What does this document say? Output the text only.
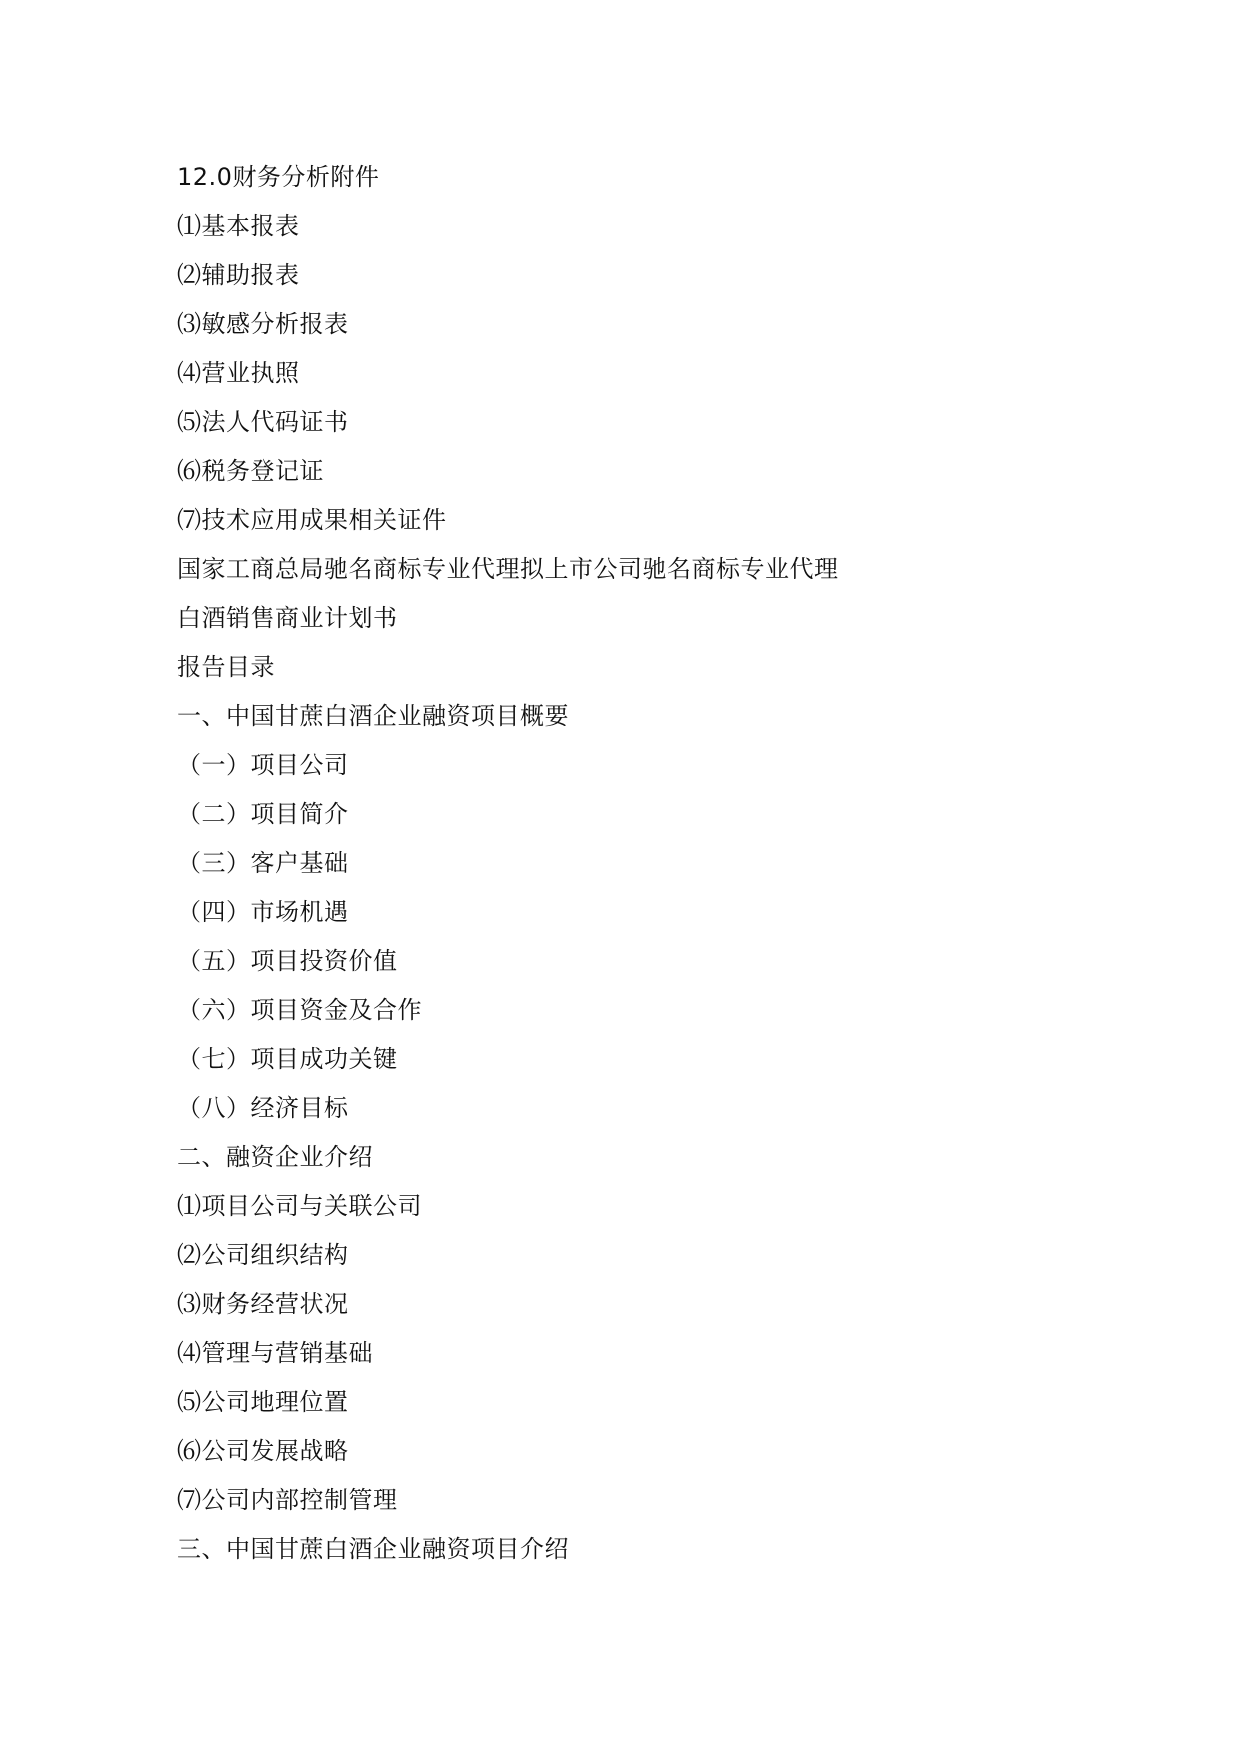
12.0财务分析附件
⑴基本报表
⑵辅助报表
⑶敏感分析报表
⑷营业执照
⑸法人代码证书
⑹税务登记证
⑺技术应用成果相关证件
国家工商总局驰名商标专业代理拟上市公司驰名商标专业代理
白酒销售商业计划书
报告目录
一、中国甘蔗白酒企业融资项目概要
（一）项目公司
（二）项目简介
（三）客户基础
（四）市场机遇
（五）项目投资价值
（六）项目资金及合作
（七）项目成功关键
（八）经济目标
二、融资企业介绍
⑴项目公司与关联公司
⑵公司组织结构
⑶财务经营状况
⑷管理与营销基础
⑸公司地理位置
⑹公司发展战略
⑺公司内部控制管理
三、中国甘蔗白酒企业融资项目介绍
